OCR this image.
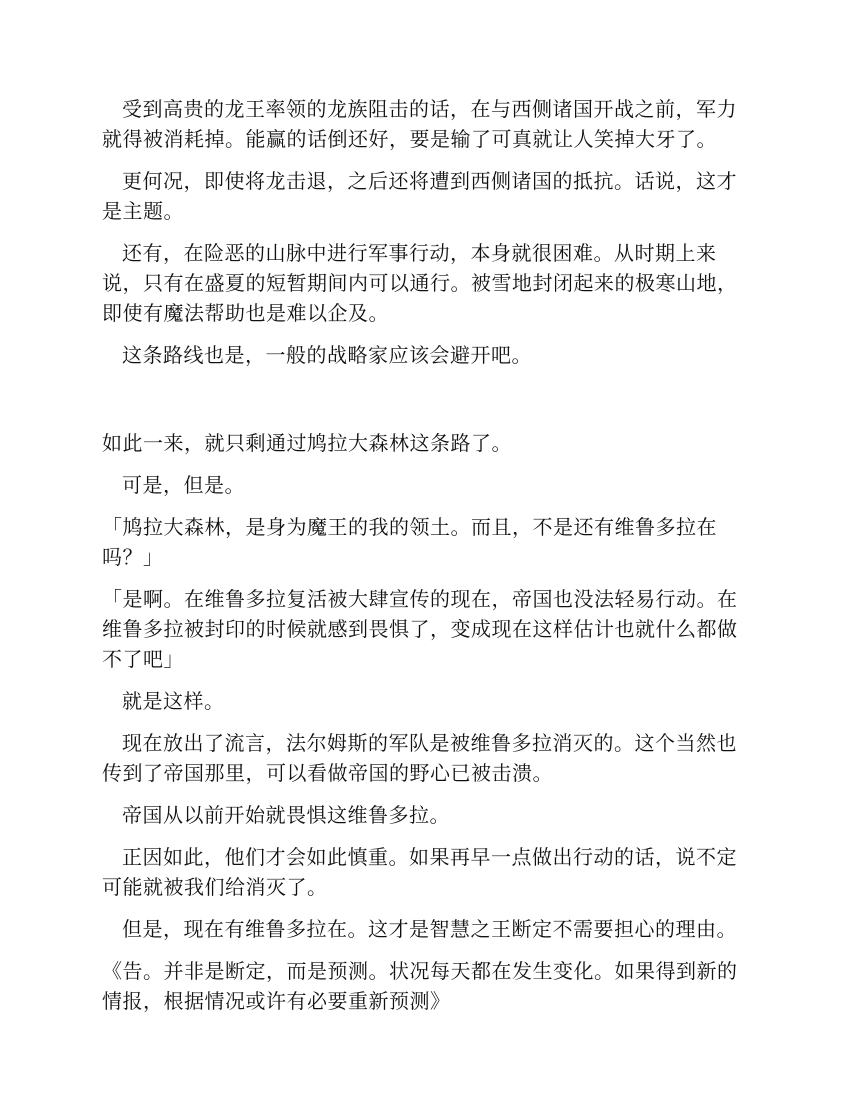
受到高贵的龙王率领的龙族阻击的话，在与西侧诸国开战之前，军力就得被消耗掉。能赢的话倒还好，要是输了可真就让人笑掉大牙了。

更何况，即使将龙击退，之后还将遭到西侧诸国的抵抗。话说，这才是主题。

还有，在险恶的山脉中进行军事行动，本身就很困难。从时期上来说，只有在盛夏的短暂期间内可以通行。被雪地封闭起来的极寒山地，即使有魔法帮助也是难以企及。

这条路线也是，一般的战略家应该会避开吧。

如此一来，就只剩通过鸠拉大森林这条路了。

可是，但是。

「鸠拉大森林，是身为魔王的我的领土。而且，不是还有维鲁多拉在吗？」

「是啊。在维鲁多拉复活被大肆宣传的现在，帝国也没法轻易行动。在维鲁多拉被封印的时候就感到畏惧了，变成现在这样估计也就什么都做不了吧」

就是这样。

现在放出了流言，法尔姆斯的军队是被维鲁多拉消灭的。这个当然也传到了帝国那里，可以看做帝国的野心已被击溃。

帝国从以前开始就畏惧这维鲁多拉。

正因如此，他们才会如此慎重。如果再早一点做出行动的话，说不定可能就被我们给消灭了。

但是，现在有维鲁多拉在。这才是智慧之王断定不需要担心的理由。

《告。并非是断定，而是预测。状况每天都在发生变化。如果得到新的情报，根据情况或许有必要重新预测》
